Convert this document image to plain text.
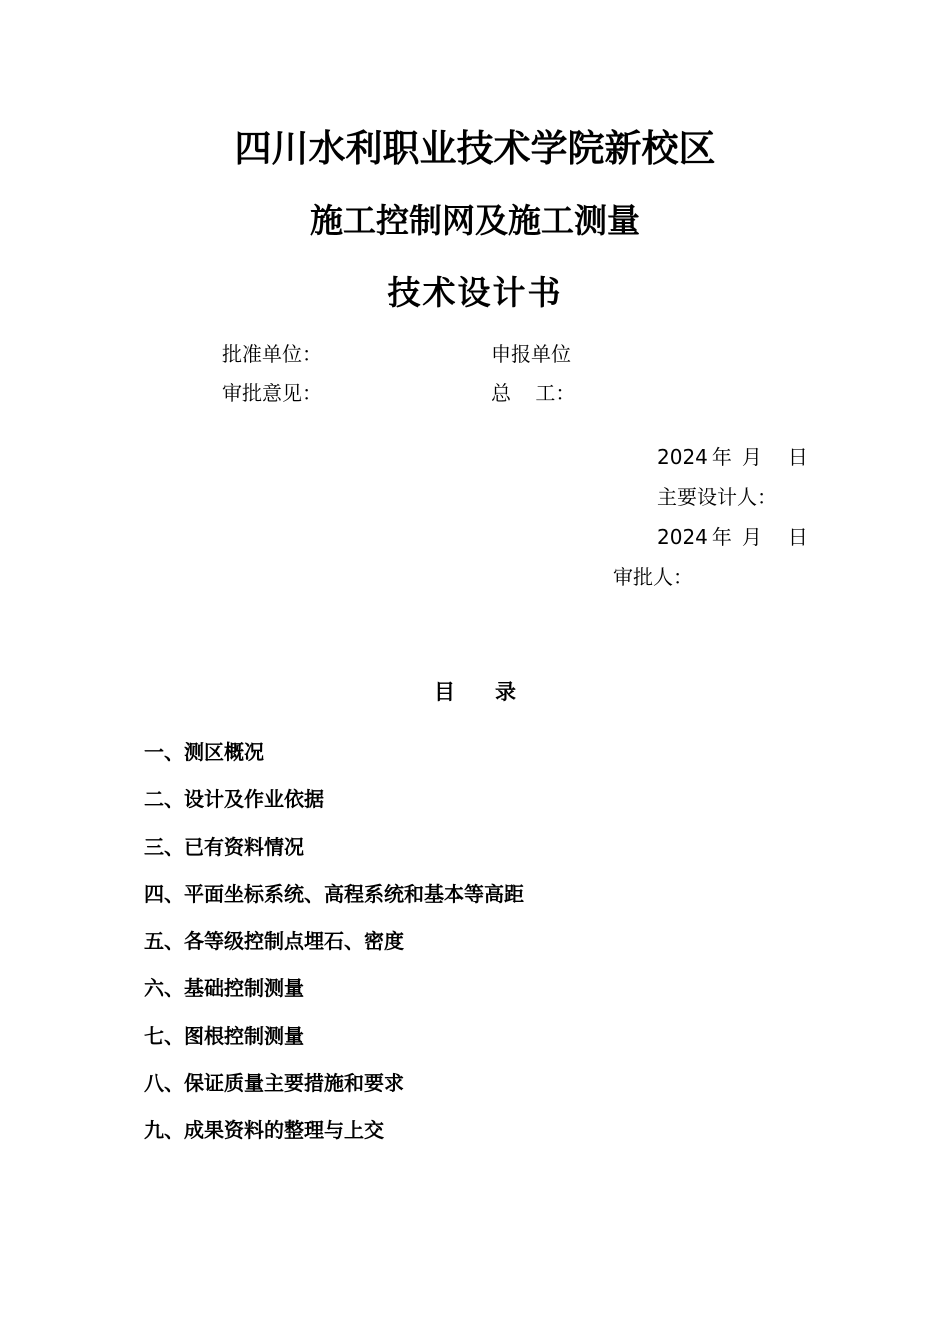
四川水利职业技术学院新校区
施工控制网及施工测量
技术设计书
批准单位：	申报单位
审批意见：	总 工：
2024 年 月 日
主要设计人：
2024 年 月 日
审批人：
目 录
一、测区概况
二、设计及作业依据
三、已有资料情况
四、平面坐标系统、高程系统和基本等高距
五、各等级控制点埋石、密度
六、基础控制测量
七、图根控制测量
八、保证质量主要措施和要求
九、成果资料的整理与上交
